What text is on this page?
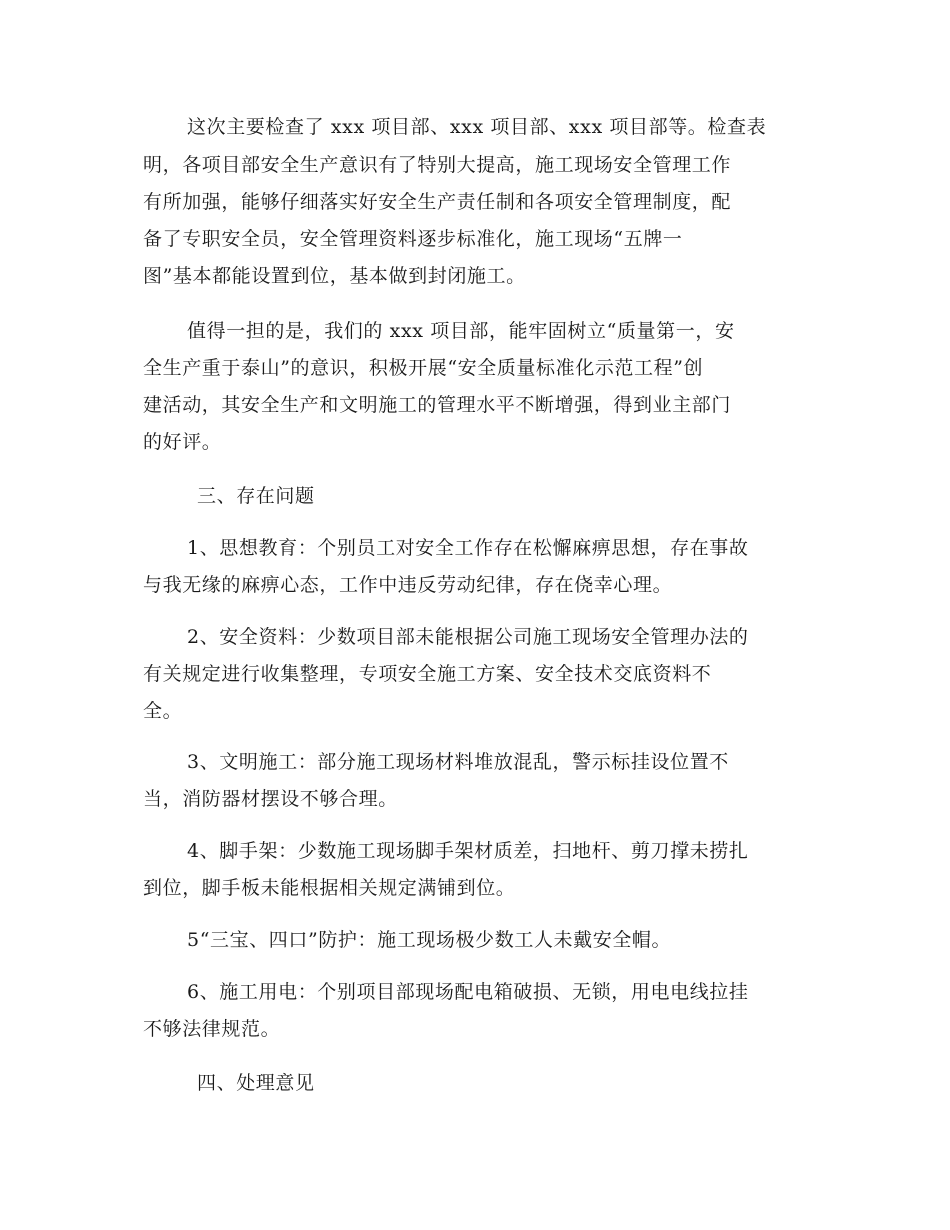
这次主要检查了 xxx 项目部、xxx 项目部、xxx 项目部等。检查表

明，各项目部安全生产意识有了特别大提高，施工现场安全管理工作

有所加强，能够仔细落实好安全生产责任制和各项安全管理制度，配

备了专职安全员，安全管理资料逐步标准化，施工现场“五牌一

图”基本都能设置到位，基本做到封闭施工。

值得一担的是，我们的 xxx 项目部，能牢固树立“质量第一，安

全生产重于泰山”的意识，积极开展“安全质量标准化示范工程”创

建活动，其安全生产和文明施工的管理水平不断增强，得到业主部门

的好评。

三、存在问题

1、思想教育：个别员工对安全工作存在松懈麻痹思想，存在事故

与我无缘的麻痹心态，工作中违反劳动纪律，存在侥幸心理。

2、安全资料：少数项目部未能根据公司施工现场安全管理办法的

有关规定进行收集整理，专项安全施工方案、安全技术交底资料不

全。

3、文明施工：部分施工现场材料堆放混乱，警示标挂设位置不

当，消防器材摆设不够合理。

4、脚手架：少数施工现场脚手架材质差，扫地杆、剪刀撑未捞扎

到位，脚手板未能根据相关规定满铺到位。

5“三宝、四口”防护：施工现场极少数工人未戴安全帽。

6、施工用电：个别项目部现场配电箱破损、无锁，用电电线拉挂

不够法律规范。

四、处理意见
